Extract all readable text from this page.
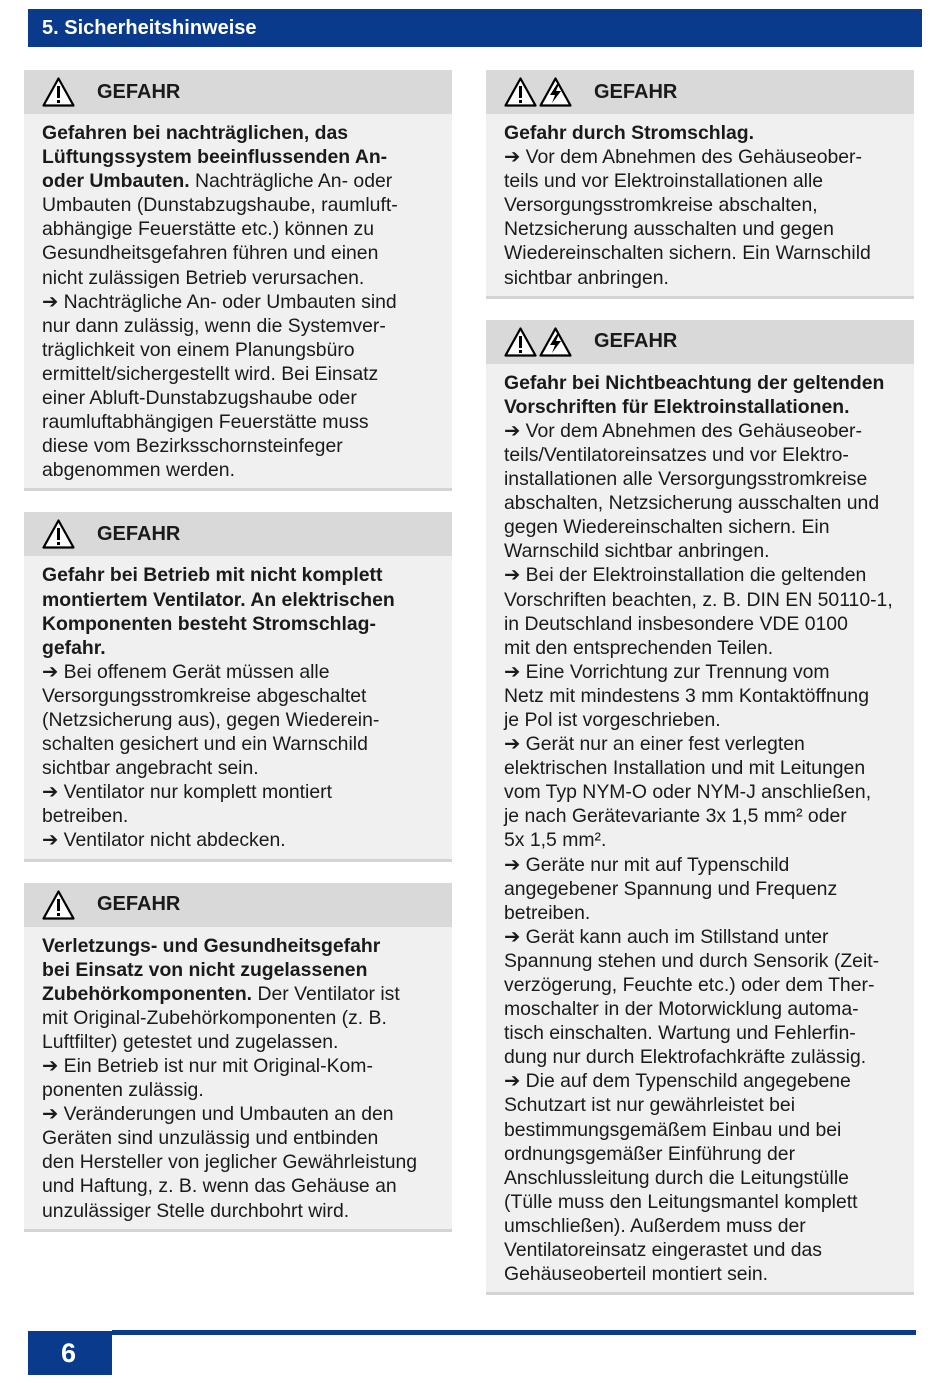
5. Sicherheitshinweise
GEFAHR

Gefahren bei nachträglichen, das

Lüftungssystem beeinflussenden An-

oder Umbauten. Nachträgliche An- oder

Umbauten (Dunstabzugshaube, raumluft-

abhängige Feuerstätte etc.) können zu

Gesundheitsgefahren führen und einen

nicht zulässigen Betrieb verursachen.

➔ Nachträgliche An- oder Umbauten sind

nur dann zulässig, wenn die Systemver-

träglichkeit von einem Planungsbüro

ermittelt/sichergestellt wird. Bei Einsatz

einer Abluft-Dunstabzugshaube oder

raumluftabhängigen Feuerstätte muss

diese vom Bezirksschornsteinfeger

abgenommen werden.

GEFAHR

Gefahr bei Betrieb mit nicht komplett

montiertem Ventilator. An elektrischen

Komponenten besteht Stromschlag-

gefahr.

➔ Bei offenem Gerät müssen alle

Versorgungsstromkreise abgeschaltet

(Netzsicherung aus), gegen Wiederein-

schalten gesichert und ein Warnschild

sichtbar angebracht sein.

➔ Ventilator nur komplett montiert

betreiben.

➔ Ventilator nicht abdecken.

GEFAHR

Verletzungs- und Gesundheitsgefahr

bei Einsatz von nicht zugelassenen

Zubehörkomponenten. Der Ventilator ist

mit Original-Zubehörkomponenten (z. B.

Luftfilter) getestet und zugelassen.

➔ Ein Betrieb ist nur mit Original-Kom-

ponenten zulässig.

➔ Veränderungen und Umbauten an den

Geräten sind unzulässig und entbinden

den Hersteller von jeglicher Gewährleistung

und Haftung, z. B. wenn das Gehäuse an

unzulässiger Stelle durchbohrt wird.

GEFAHR

Gefahr durch Stromschlag.

➔ Vor dem Abnehmen des Gehäuseober-

teils und vor Elektroinstallationen alle

Versorgungsstromkreise abschalten,

Netzsicherung ausschalten und gegen

Wiedereinschalten sichern. Ein Warnschild

sichtbar anbringen.

GEFAHR

Gefahr bei Nichtbeachtung der geltenden

Vorschriften für Elektroinstallationen.

➔ Vor dem Abnehmen des Gehäuseober-

teils/Ventilatoreinsatzes und vor Elektro-

installationen alle Versorgungsstromkreise

abschalten, Netzsicherung ausschalten und

gegen Wiedereinschalten sichern. Ein

Warnschild sichtbar anbringen.

➔ Bei der Elektroinstallation die geltenden

Vorschriften beachten, z. B. DIN EN 50110-1,

in Deutschland insbesondere VDE 0100

mit den entsprechenden Teilen.

➔ Eine Vorrichtung zur Trennung vom

Netz mit mindestens 3 mm Kontaktöffnung

je Pol ist vorgeschrieben.

➔ Gerät nur an einer fest verlegten

elektrischen Installation und mit Leitungen

vom Typ NYM-O oder NYM-J anschließen,

je nach Gerätevariante 3x 1,5 mm² oder

5x 1,5 mm².

➔ Geräte nur mit auf Typenschild

angegebener Spannung und Frequenz

betreiben.

➔ Gerät kann auch im Stillstand unter

Spannung stehen und durch Sensorik (Zeit-

verzögerung, Feuchte etc.) oder dem Ther-

moschalter in der Motorwicklung automa-

tisch einschalten. Wartung und Fehlerfin-

dung nur durch Elektrofachkräfte zulässig.

➔ Die auf dem Typenschild angegebene

Schutzart ist nur gewährleistet bei

bestimmungsgemäßem Einbau und bei

ordnungsgemäßer Einführung der

Anschlussleitung durch die Leitungstülle

(Tülle muss den Leitungsmantel komplett

umschließen). Außerdem muss der

Ventilatoreinsatz eingerastet und das

Gehäuseoberteil montiert sein.

6
